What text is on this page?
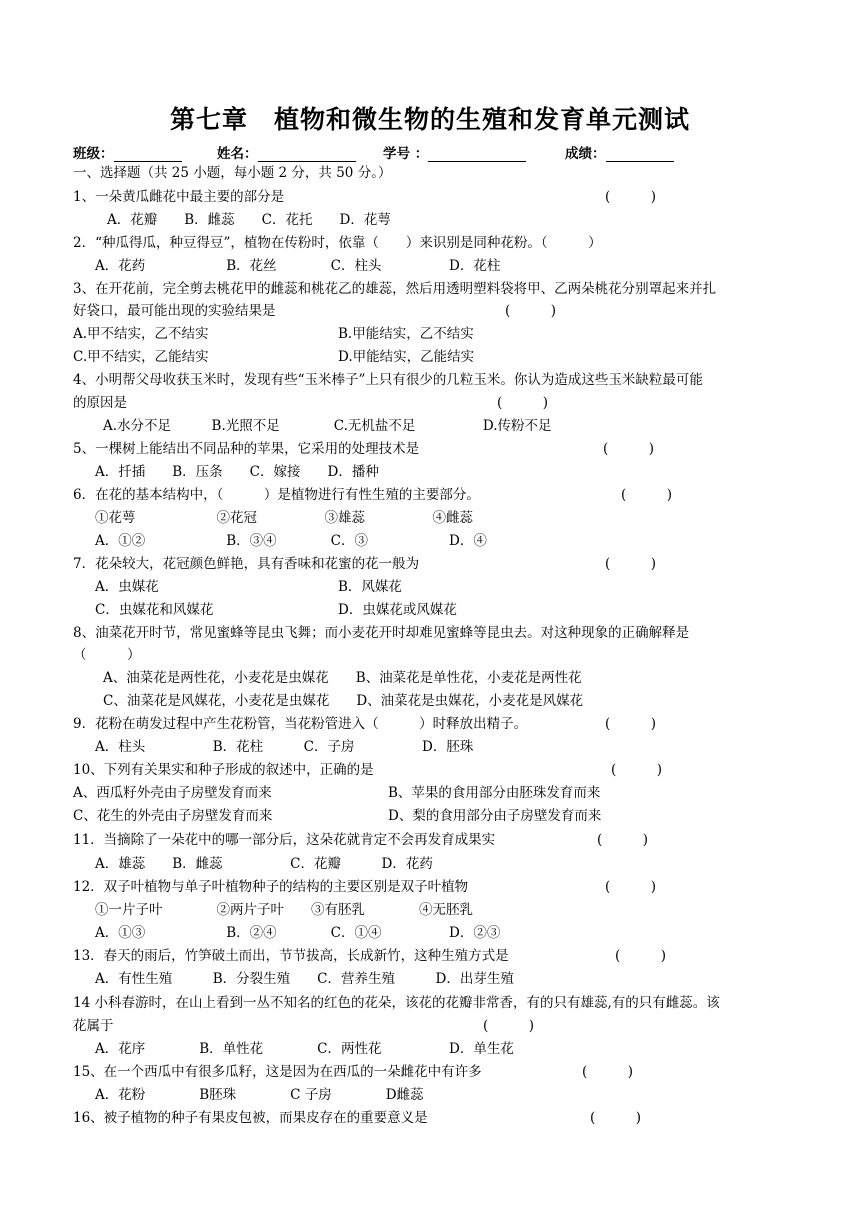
第七章　植物和微生物的生殖和发育单元测试
班级：	姓名：	学号 ：	成绩：
一、选择题（共 25 小题，每小题 2 分，共 50 分。）
1、一朵黄瓜雌花中最主要的部分是	(　　　)
A．花瓣　　B．雌蕊　　C．花托　　D．花萼
2．“种瓜得瓜，种豆得豆”，植物在传粉时，依靠（　　）来识别是同种花粉。（　　　）
A．花药　　　　　　B．花丝　　　　C．柱头　　　　　D．花柱
3、在开花前，完全剪去桃花甲的雌蕊和桃花乙的雄蕊，然后用透明塑料袋将甲、乙两朵桃花分别罩起来并扎
好袋口，最可能出现的实验结果是	(　　　)
A.甲不结实，乙不结实	B.甲能结实，乙不结实
C.甲不结实，乙能结实	D.甲能结实，乙能结实
4、小明帮父母收获玉米时，发现有些“玉米棒子”上只有很少的几粒玉米。你认为造成这些玉米缺粒最可能
的原因是	(　　　)
A.水分不足　　　B.光照不足　　　　C.无机盐不足　　　　　D.传粉不足
5、一棵树上能结出不同品种的苹果，它采用的处理技术是	(　　　)
A．扦插　　B．压条　　C．嫁接　　D．播种
6．在花的基本结构中，（　　　）是植物进行有性生殖的主要部分。	(　　　)
①花萼　　　　　　②花冠　　　　　③雄蕊　　　　　④雌蕊
A．①②　　　　　　B．③④　　　　C．③　　　　　　D．④
7．花朵较大，花冠颜色鲜艳，具有香味和花蜜的花一般为	(　　　)
A．虫媒花	B．风媒花
C．虫媒花和风媒花	D．虫媒花或风媒花
8、油菜花开时节，常见蜜蜂等昆虫飞舞；而小麦花开时却难见蜜蜂等昆虫去。对这种现象的正确解释是
（　　　）
A、油菜花是两性花，小麦花是虫媒花　　B、油菜花是单性花，小麦花是两性花
C、油菜花是风媒花，小麦花是虫媒花　　D、油菜花是虫媒花，小麦花是风媒花
9．花粉在萌发过程中产生花粉管，当花粉管进入（　　　）时释放出精子。	(　　　)
A．柱头　　　　　B．花柱　　　C．子房　　　　　D．胚珠
10、下列有关果实和种子形成的叙述中，正确的是	(　　　)
A、西瓜籽外壳由子房壁发育而来	B、苹果的食用部分由胚珠发育而来
C、花生的外壳由子房壁发育而来	D、梨的食用部分由子房壁发育而来
11．当摘除了一朵花中的哪一部分后，这朵花就肯定不会再发育成果实	(　　　)
A．雄蕊　　B．雌蕊　　　　　C．花瓣　　　D．花药
12．双子叶植物与单子叶植物种子的结构的主要区别是双子叶植物	(　　　)
①一片子叶　　　　②两片子叶　　③有胚乳　　　　④无胚乳
A．①③　　　　　　B．②④　　　　C．①④　　　　　D．②③
13．春天的雨后，竹笋破土而出，节节拔高，长成新竹，这种生殖方式是	(　　　)
A．有性生殖　　　B．分裂生殖　　C．营养生殖　　　D．出芽生殖
14 小科春游时，在山上看到一丛不知名的红色的花朵，该花的花瓣非常香，有的只有雄蕊,有的只有雌蕊。该
花属于	(　　　)
A．花序　　　　B．单性花　　　　C．两性花　　　　　D．单生花
15、在一个西瓜中有很多瓜籽，这是因为在西瓜的一朵雌花中有许多	(　　　)
A．花粉　　　　B胚珠　　　　C 子房　　　　D雌蕊
16、被子植物的种子有果皮包被，而果皮存在的重要意义是	(　　　)
